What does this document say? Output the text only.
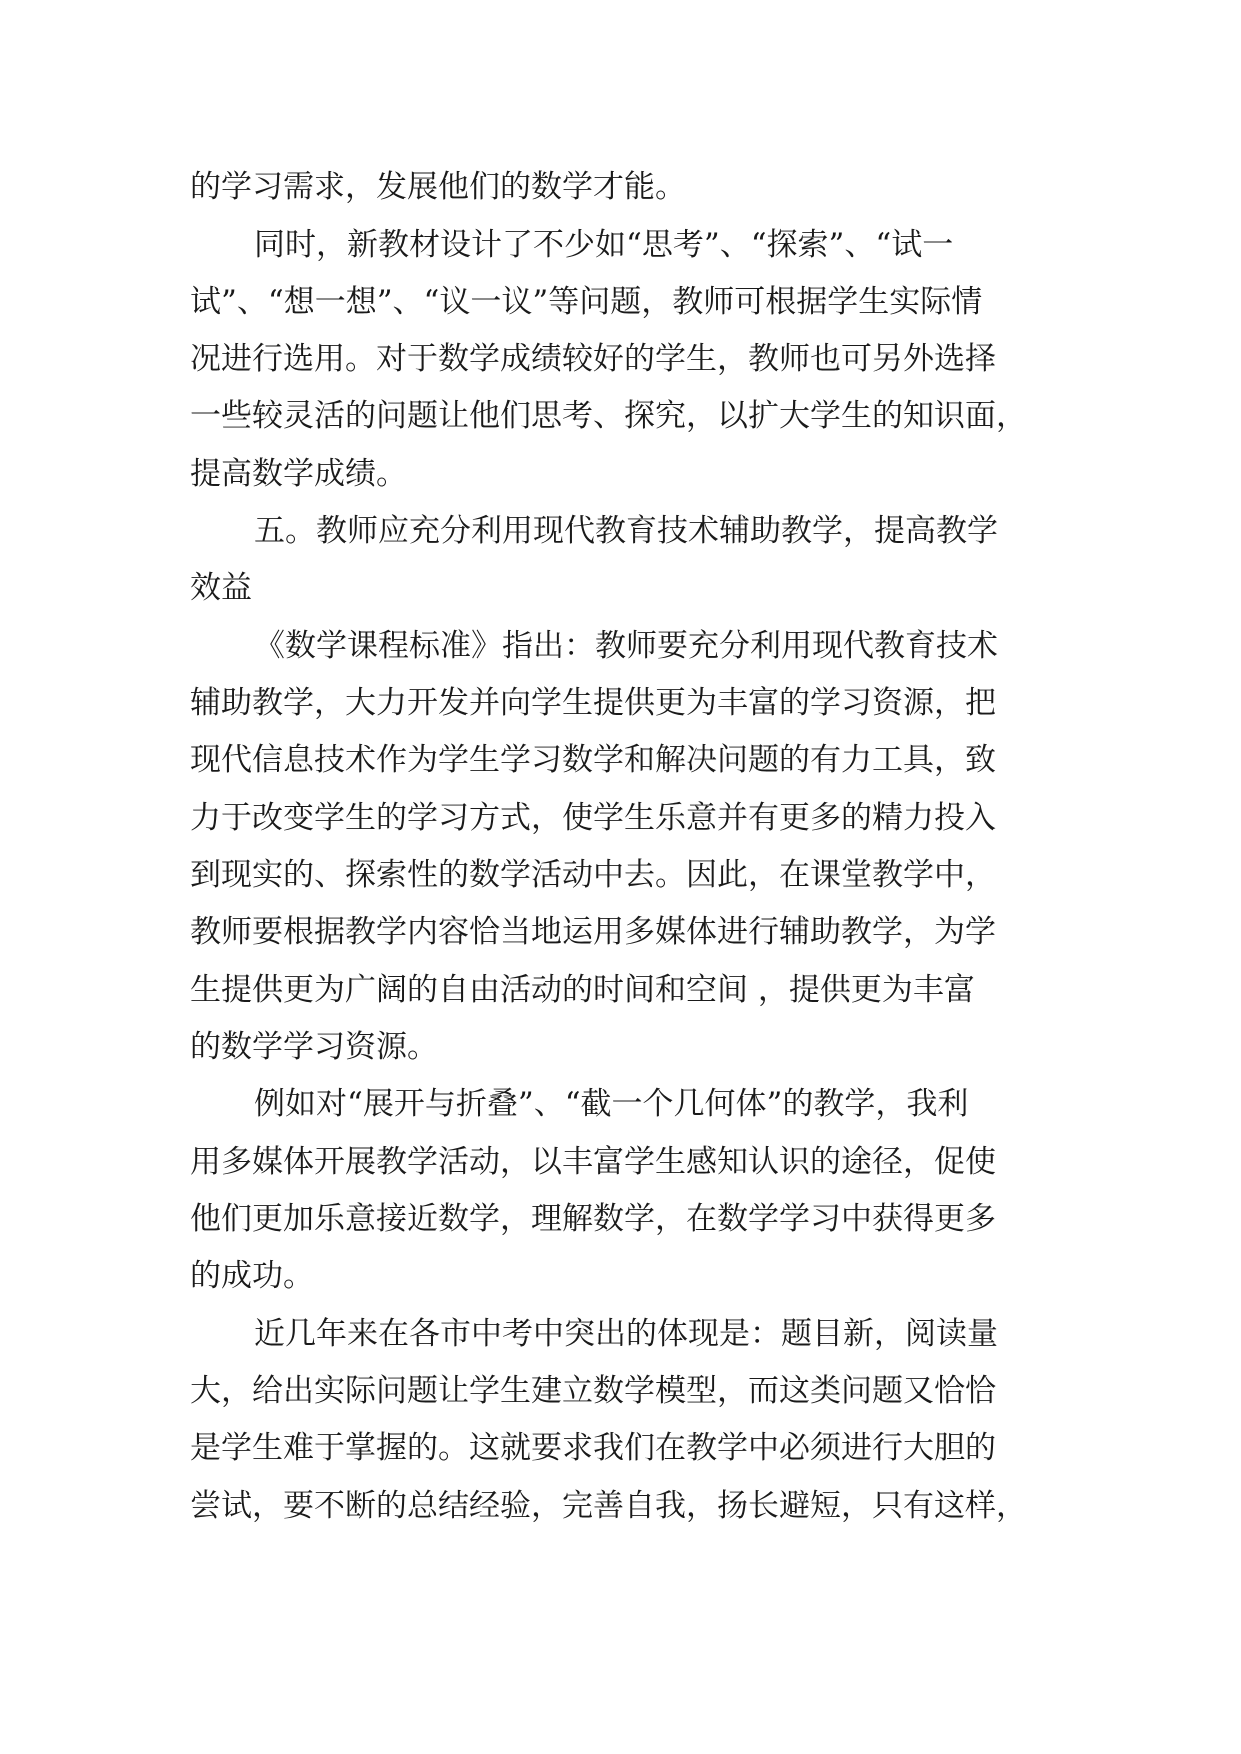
的学习需求，发展他们的数学才能。
同时，新教材设计了不少如“思考”、“探索”、“试一
试”、“想一想”、“议一议”等问题，教师可根据学生实际情
况进行选用。对于数学成绩较好的学生，教师也可另外选择
一些较灵活的问题让他们思考、探究，以扩大学生的知识面，
提高数学成绩。
五。教师应充分利用现代教育技术辅助教学，提高教学
效益
《数学课程标准》指出：教师要充分利用现代教育技术
辅助教学，大力开发并向学生提供更为丰富的学习资源，把
现代信息技术作为学生学习数学和解决问题的有力工具，致
力于改变学生的学习方式，使学生乐意并有更多的精力投入
到现实的、探索性的数学活动中去。因此，在课堂教学中，
教师要根据教学内容恰当地运用多媒体进行辅助教学，为学
生提供更为广阔的自由活动的时间和空间 ，提供更为丰富
的数学学习资源。
例如对“展开与折叠”、“截一个几何体”的教学，我利
用多媒体开展教学活动，以丰富学生感知认识的途径，促使
他们更加乐意接近数学，理解数学，在数学学习中获得更多
的成功。
近几年来在各市中考中突出的体现是：题目新，阅读量
大，给出实际问题让学生建立数学模型，而这类问题又恰恰
是学生难于掌握的。这就要求我们在教学中必须进行大胆的
尝试，要不断的总结经验，完善自我，扬长避短，只有这样，
